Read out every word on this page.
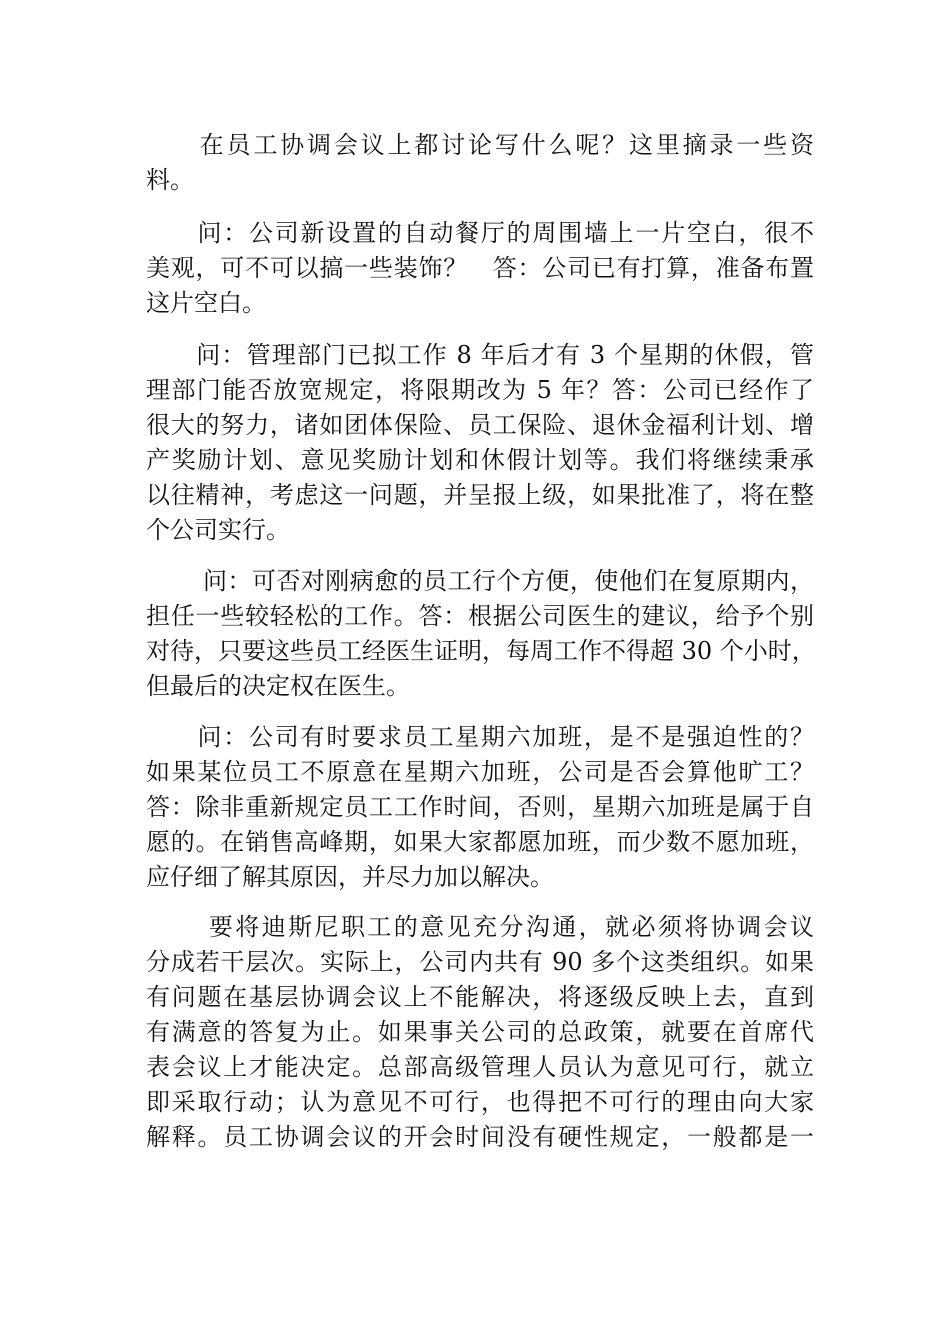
　　在员工协调会议上都讨论写什么呢？这里摘录一些资
料。
　　问：公司新设置的自动餐厅的周围墙上一片空白，很不
美观，可不可以搞一些装饰？　答：公司已有打算，准备布置
这片空白。
　　问：管理部门已拟工作 8 年后才有 3 个星期的休假，管
理部门能否放宽规定，将限期改为 5 年？答：公司已经作了
很大的努力，诸如团体保险、员工保险、退休金福利计划、增
产奖励计划、意见奖励计划和休假计划等。我们将继续秉承
以往精神，考虑这一问题，并呈报上级，如果批准了，将在整
个公司实行。
　　 问：可否对刚病愈的员工行个方便，使他们在复原期内，
担任一些较轻松的工作。答：根据公司医生的建议，给予个别
对待，只要这些员工经医生证明，每周工作不得超 30 个小时，
但最后的决定权在医生。
　　问：公司有时要求员工星期六加班，是不是强迫性的？
如果某位员工不原意在星期六加班，公司是否会算他旷工？
答：除非重新规定员工工作时间，否则，星期六加班是属于自
愿的。在销售高峰期，如果大家都愿加班，而少数不愿加班，
应仔细了解其原因，并尽力加以解决。
　　 要将迪斯尼职工的意见充分沟通，就必须将协调会议
分成若干层次。实际上，公司内共有 90 多个这类组织。如果
有问题在基层协调会议上不能解决，将逐级反映上去，直到
有满意的答复为止。如果事关公司的总政策，就要在首席代
表会议上才能决定。总部高级管理人员认为意见可行，就立
即采取行动；认为意见不可行，也得把不可行的理由向大家
解释。员工协调会议的开会时间没有硬性规定，一般都是一
